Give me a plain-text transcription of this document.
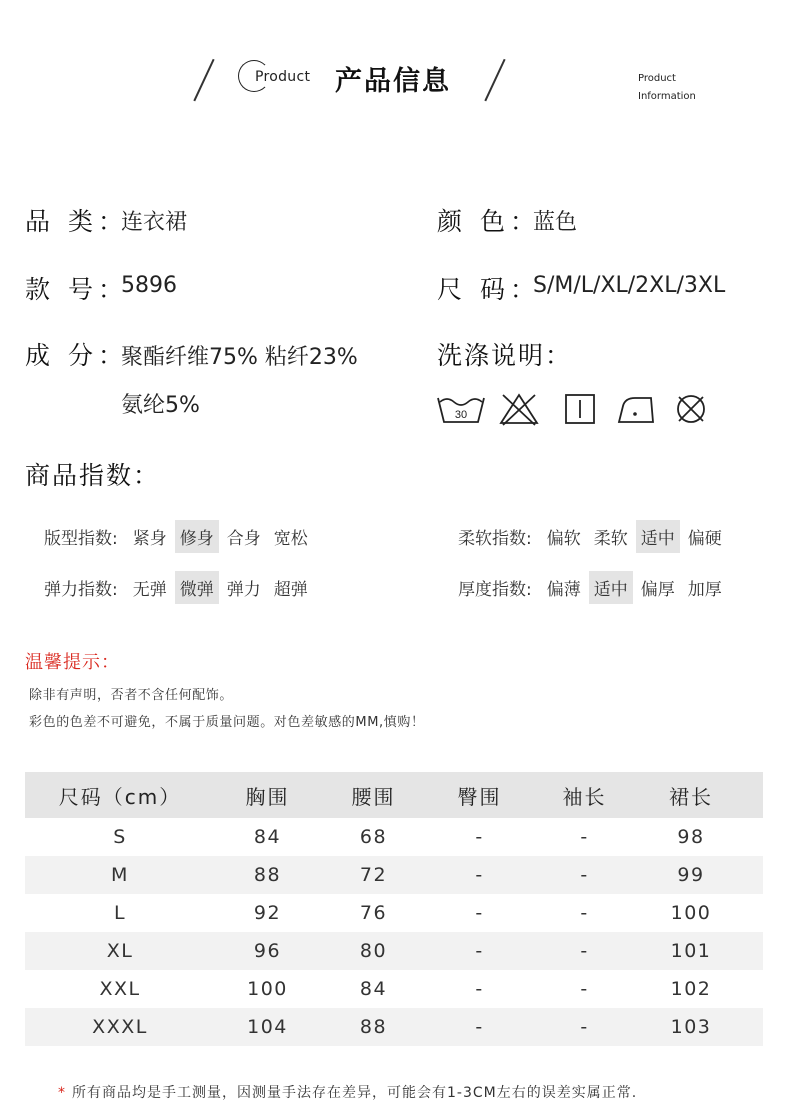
Product 产品信息	Product
Information
品 类：
连衣裙	颜 色：
蓝色
款 号：
5896	尺 码：
S/M/L/XL/2XL/3XL
成 分：
聚酯纤维75% 粘纤23%
氨纶5%
洗涤说明：
30
商品指数：
版型指数: 紧身 修身 合身 宽松	柔软指数: 偏软 柔软 适中 偏硬
弹力指数: 无弹 微弹 弹力 超弹	厚度指数: 偏薄 适中 偏厚 加厚
温馨提示：
除非有声明，否者不含任何配饰。
彩色的色差不可避免，不属于质量问题。对色差敏感的MM,慎购！
尺码（cm）	胸围	腰围	臀围	袖长	裙长
S	84	68	-	-	98
M	88	72	-	-	99
L	92	76	-	-	100
XL	96	80	-	-	101
XXL	100	84	-	-	102
XXXL	104	88	-	-	103
* 所有商品均是手工测量，因测量手法存在差异，可能会有1-3CM左右的误差实属正常.
